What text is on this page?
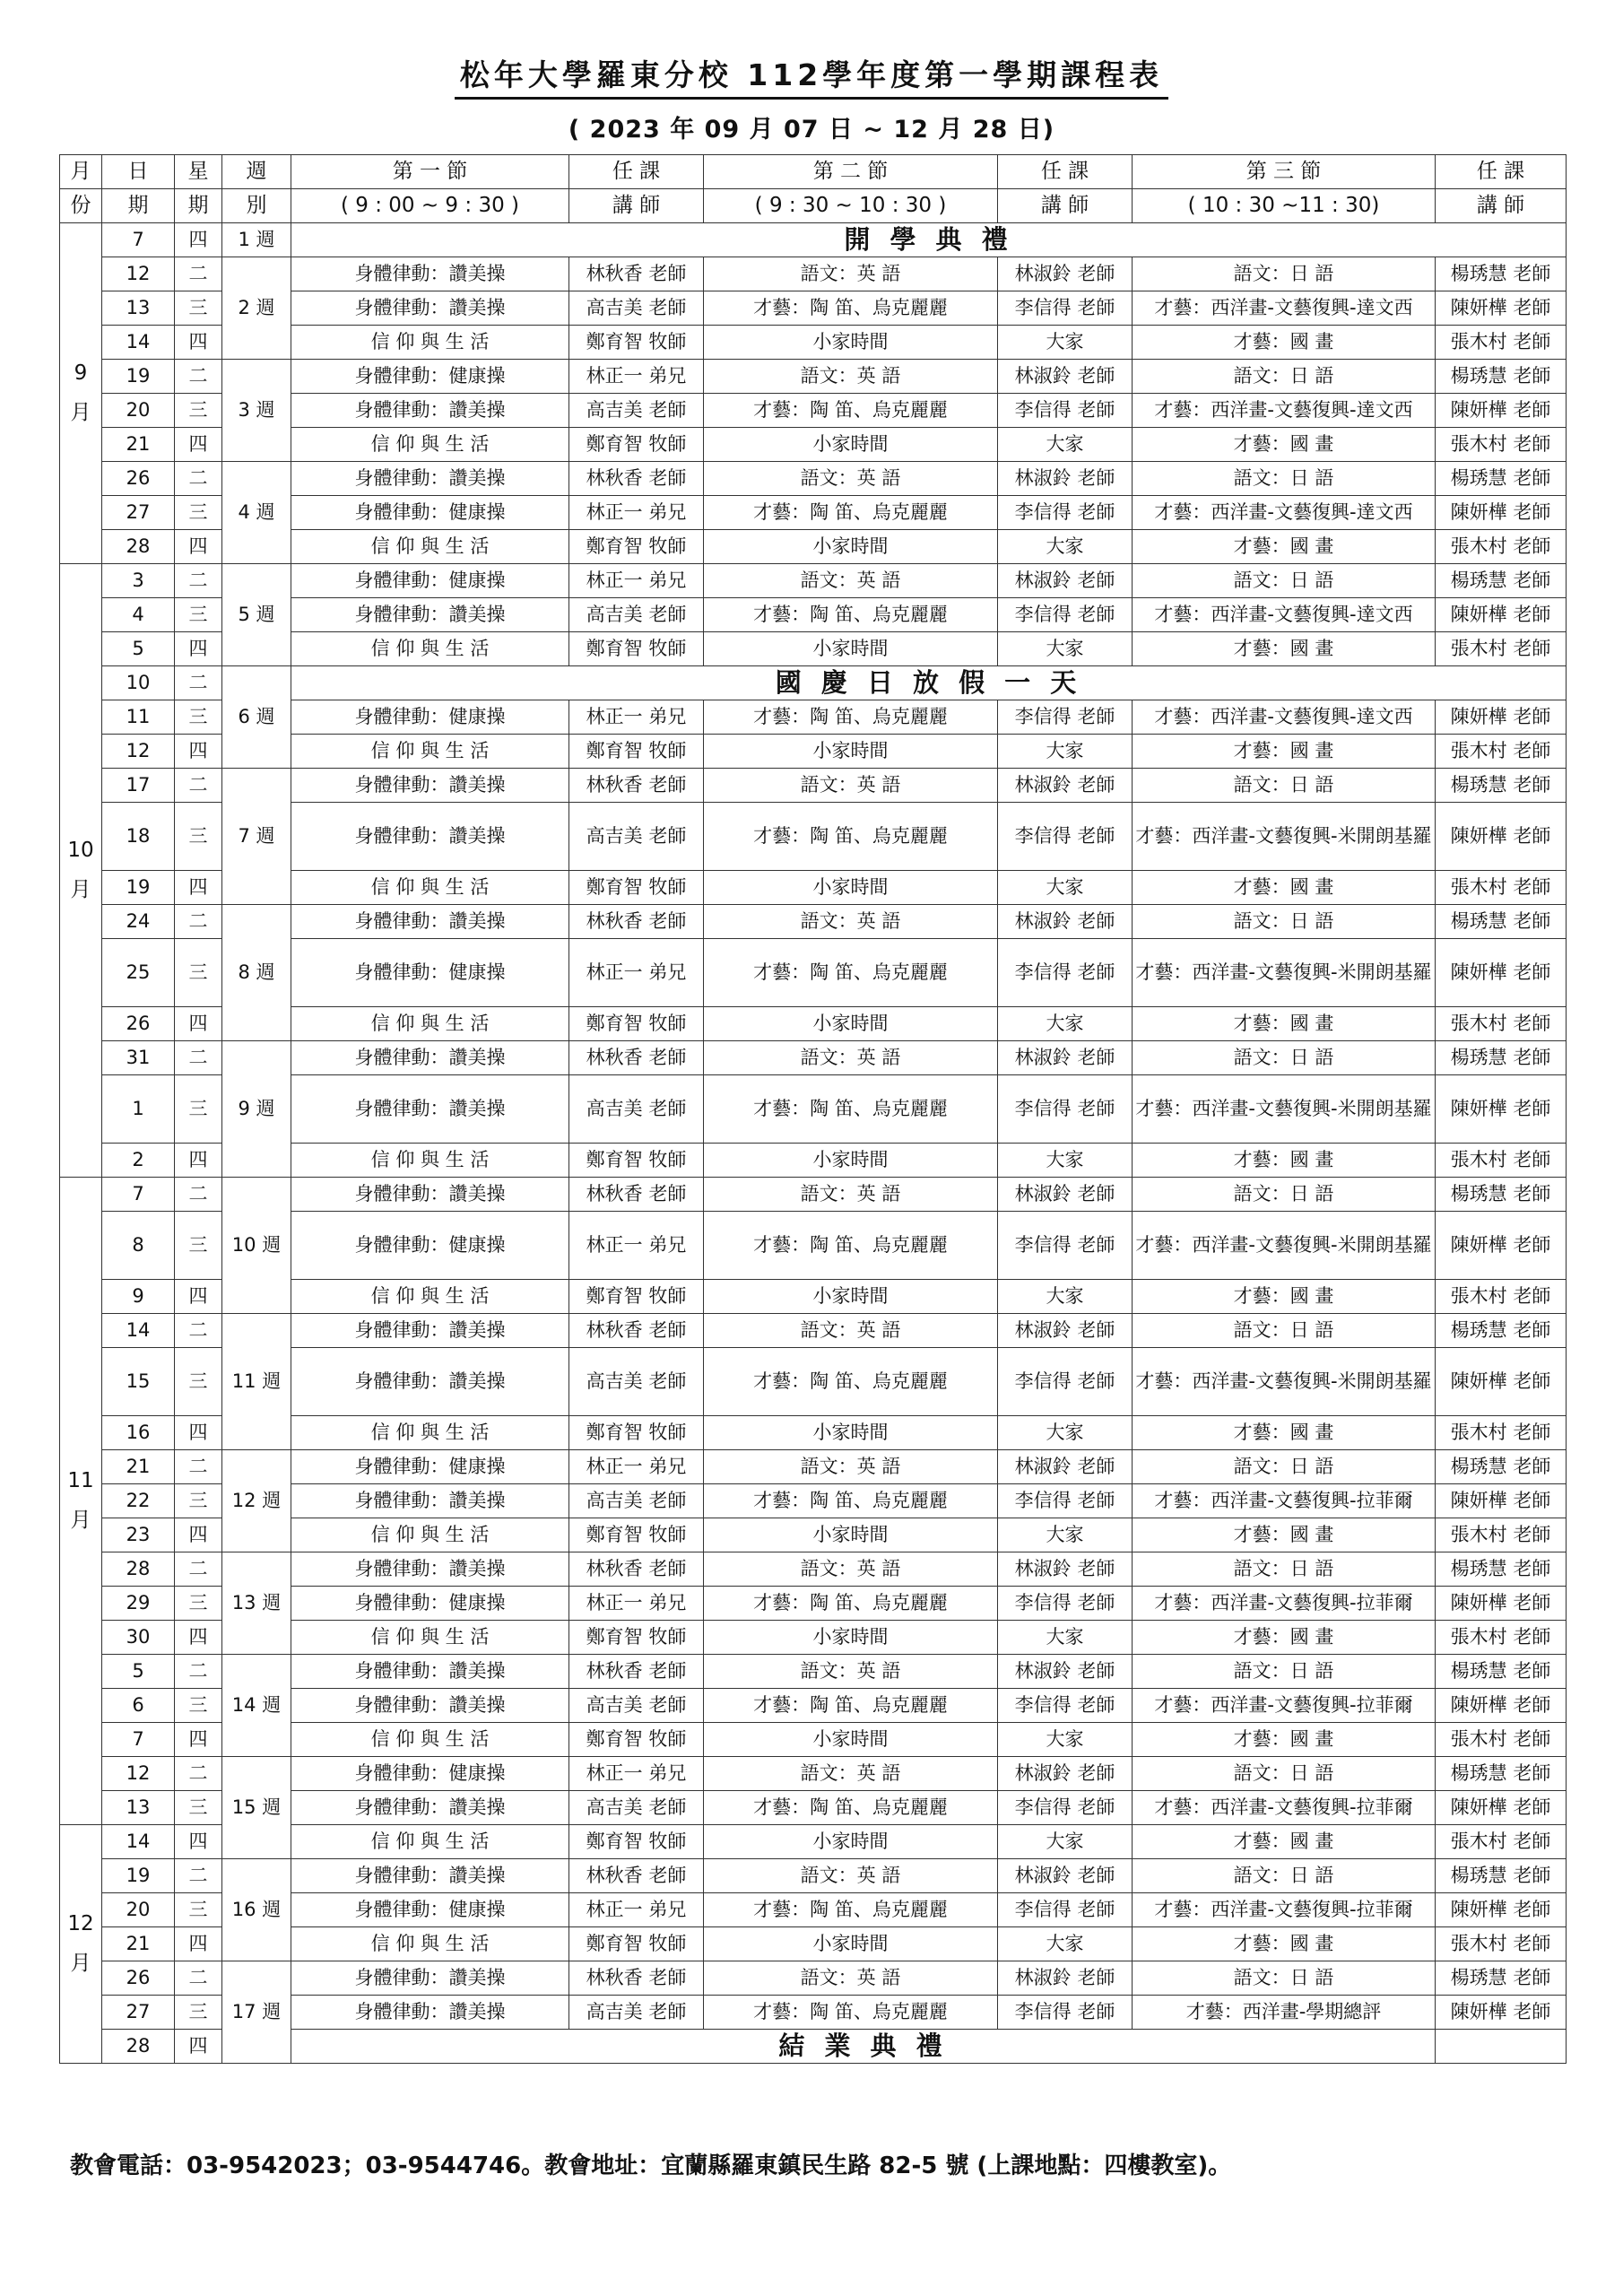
松年大學羅東分校 112學年度第一學期課程表
( 2023 年 09 月 07 日 ~ 12 月 28 日)
月	日	星	週	第 一 節	任 課	第 二 節	任 課	第 三 節	任 課
份	期	期	別	( 9 : 00 ~ 9 : 30 )	講 師	( 9 : 30 ~ 10 : 30 )	講 師	( 10 : 30 ~11 : 30)	講 師
9
月	7	四	1 週	開 學 典 禮					
	12	二	2 週	身體律動：讚美操	林秋香 老師	語文：英 語	林淑鈴 老師	語文：日 語	楊琇慧 老師
	13	三		身體律動：讚美操	高吉美 老師	才藝：陶 笛、烏克麗麗	李信得 老師	才藝：西洋畫-文藝復興-達文西	陳妍樺 老師
	14	四		信 仰 與 生 活	鄭育智 牧師	小家時間	大家	才藝：國 畫	張木村 老師
	19	二	3 週	身體律動：健康操	林正一 弟兄	語文：英 語	林淑鈴 老師	語文：日 語	楊琇慧 老師
	20	三		身體律動：讚美操	高吉美 老師	才藝：陶 笛、烏克麗麗	李信得 老師	才藝：西洋畫-文藝復興-達文西	陳妍樺 老師
	21	四		信 仰 與 生 活	鄭育智 牧師	小家時間	大家	才藝：國 畫	張木村 老師
	26	二	4 週	身體律動：讚美操	林秋香 老師	語文：英 語	林淑鈴 老師	語文：日 語	楊琇慧 老師
	27	三		身體律動：健康操	林正一 弟兄	才藝：陶 笛、烏克麗麗	李信得 老師	才藝：西洋畫-文藝復興-達文西	陳妍樺 老師
	28	四		信 仰 與 生 活	鄭育智 牧師	小家時間	大家	才藝：國 畫	張木村 老師
10
月	3	二	5 週	身體律動：健康操	林正一 弟兄	語文：英 語	林淑鈴 老師	語文：日 語	楊琇慧 老師
	4	三		身體律動：讚美操	高吉美 老師	才藝：陶 笛、烏克麗麗	李信得 老師	才藝：西洋畫-文藝復興-達文西	陳妍樺 老師
	5	四		信 仰 與 生 活	鄭育智 牧師	小家時間	大家	才藝：國 畫	張木村 老師
	10	二	6 週	國 慶 日 放 假 一 天					
	11	三		身體律動：健康操	林正一 弟兄	才藝：陶 笛、烏克麗麗	李信得 老師	才藝：西洋畫-文藝復興-達文西	陳妍樺 老師
	12	四		信 仰 與 生 活	鄭育智 牧師	小家時間	大家	才藝：國 畫	張木村 老師
	17	二	7 週	身體律動：讚美操	林秋香 老師	語文：英 語	林淑鈴 老師	語文：日 語	楊琇慧 老師
	18	三		身體律動：讚美操	高吉美 老師	才藝：陶 笛、烏克麗麗	李信得 老師	才藝：西洋畫-文藝復興-米開朗基羅	陳妍樺 老師
	19	四		信 仰 與 生 活	鄭育智 牧師	小家時間	大家	才藝：國 畫	張木村 老師
	24	二	8 週	身體律動：讚美操	林秋香 老師	語文：英 語	林淑鈴 老師	語文：日 語	楊琇慧 老師
	25	三		身體律動：健康操	林正一 弟兄	才藝：陶 笛、烏克麗麗	李信得 老師	才藝：西洋畫-文藝復興-米開朗基羅	陳妍樺 老師
	26	四		信 仰 與 生 活	鄭育智 牧師	小家時間	大家	才藝：國 畫	張木村 老師
	31	二	9 週	身體律動：讚美操	林秋香 老師	語文：英 語	林淑鈴 老師	語文：日 語	楊琇慧 老師
	1	三		身體律動：讚美操	高吉美 老師	才藝：陶 笛、烏克麗麗	李信得 老師	才藝：西洋畫-文藝復興-米開朗基羅	陳妍樺 老師
	2	四		信 仰 與 生 活	鄭育智 牧師	小家時間	大家	才藝：國 畫	張木村 老師
11
月	7	二	10 週	身體律動：讚美操	林秋香 老師	語文：英 語	林淑鈴 老師	語文：日 語	楊琇慧 老師
	8	三		身體律動：健康操	林正一 弟兄	才藝：陶 笛、烏克麗麗	李信得 老師	才藝：西洋畫-文藝復興-米開朗基羅	陳妍樺 老師
	9	四		信 仰 與 生 活	鄭育智 牧師	小家時間	大家	才藝：國 畫	張木村 老師
	14	二	11 週	身體律動：讚美操	林秋香 老師	語文：英 語	林淑鈴 老師	語文：日 語	楊琇慧 老師
	15	三		身體律動：讚美操	高吉美 老師	才藝：陶 笛、烏克麗麗	李信得 老師	才藝：西洋畫-文藝復興-米開朗基羅	陳妍樺 老師
	16	四		信 仰 與 生 活	鄭育智 牧師	小家時間	大家	才藝：國 畫	張木村 老師
	21	二	12 週	身體律動：健康操	林正一 弟兄	語文：英 語	林淑鈴 老師	語文：日 語	楊琇慧 老師
	22	三		身體律動：讚美操	高吉美 老師	才藝：陶 笛、烏克麗麗	李信得 老師	才藝：西洋畫-文藝復興-拉菲爾	陳妍樺 老師
	23	四		信 仰 與 生 活	鄭育智 牧師	小家時間	大家	才藝：國 畫	張木村 老師
	28	二	13 週	身體律動：讚美操	林秋香 老師	語文：英 語	林淑鈴 老師	語文：日 語	楊琇慧 老師
	29	三		身體律動：健康操	林正一 弟兄	才藝：陶 笛、烏克麗麗	李信得 老師	才藝：西洋畫-文藝復興-拉菲爾	陳妍樺 老師
	30	四		信 仰 與 生 活	鄭育智 牧師	小家時間	大家	才藝：國 畫	張木村 老師
	5	二	14 週	身體律動：讚美操	林秋香 老師	語文：英 語	林淑鈴 老師	語文：日 語	楊琇慧 老師
	6	三		身體律動：讚美操	高吉美 老師	才藝：陶 笛、烏克麗麗	李信得 老師	才藝：西洋畫-文藝復興-拉菲爾	陳妍樺 老師
	7	四		信 仰 與 生 活	鄭育智 牧師	小家時間	大家	才藝：國 畫	張木村 老師
	12	二	15 週	身體律動：健康操	林正一 弟兄	語文：英 語	林淑鈴 老師	語文：日 語	楊琇慧 老師
	13	三		身體律動：讚美操	高吉美 老師	才藝：陶 笛、烏克麗麗	李信得 老師	才藝：西洋畫-文藝復興-拉菲爾	陳妍樺 老師
12
月	14	四		信 仰 與 生 活	鄭育智 牧師	小家時間	大家	才藝：國 畫	張木村 老師
	19	二	16 週	身體律動：讚美操	林秋香 老師	語文：英 語	林淑鈴 老師	語文：日 語	楊琇慧 老師
	20	三		身體律動：健康操	林正一 弟兄	才藝：陶 笛、烏克麗麗	李信得 老師	才藝：西洋畫-文藝復興-拉菲爾	陳妍樺 老師
	21	四		信 仰 與 生 活	鄭育智 牧師	小家時間	大家	才藝：國 畫	張木村 老師
	26	二	17 週	身體律動：讚美操	林秋香 老師	語文：英 語	林淑鈴 老師	語文：日 語	楊琇慧 老師
	27	三		身體律動：讚美操	高吉美 老師	才藝：陶 笛、烏克麗麗	李信得 老師	才藝：西洋畫-學期總評	陳妍樺 老師
	28	四		結 業 典 禮					
教會電話：03-9542023；03-9544746。教會地址：宜蘭縣羅東鎮民生路 82-5 號 (上課地點：四樓教室)。
